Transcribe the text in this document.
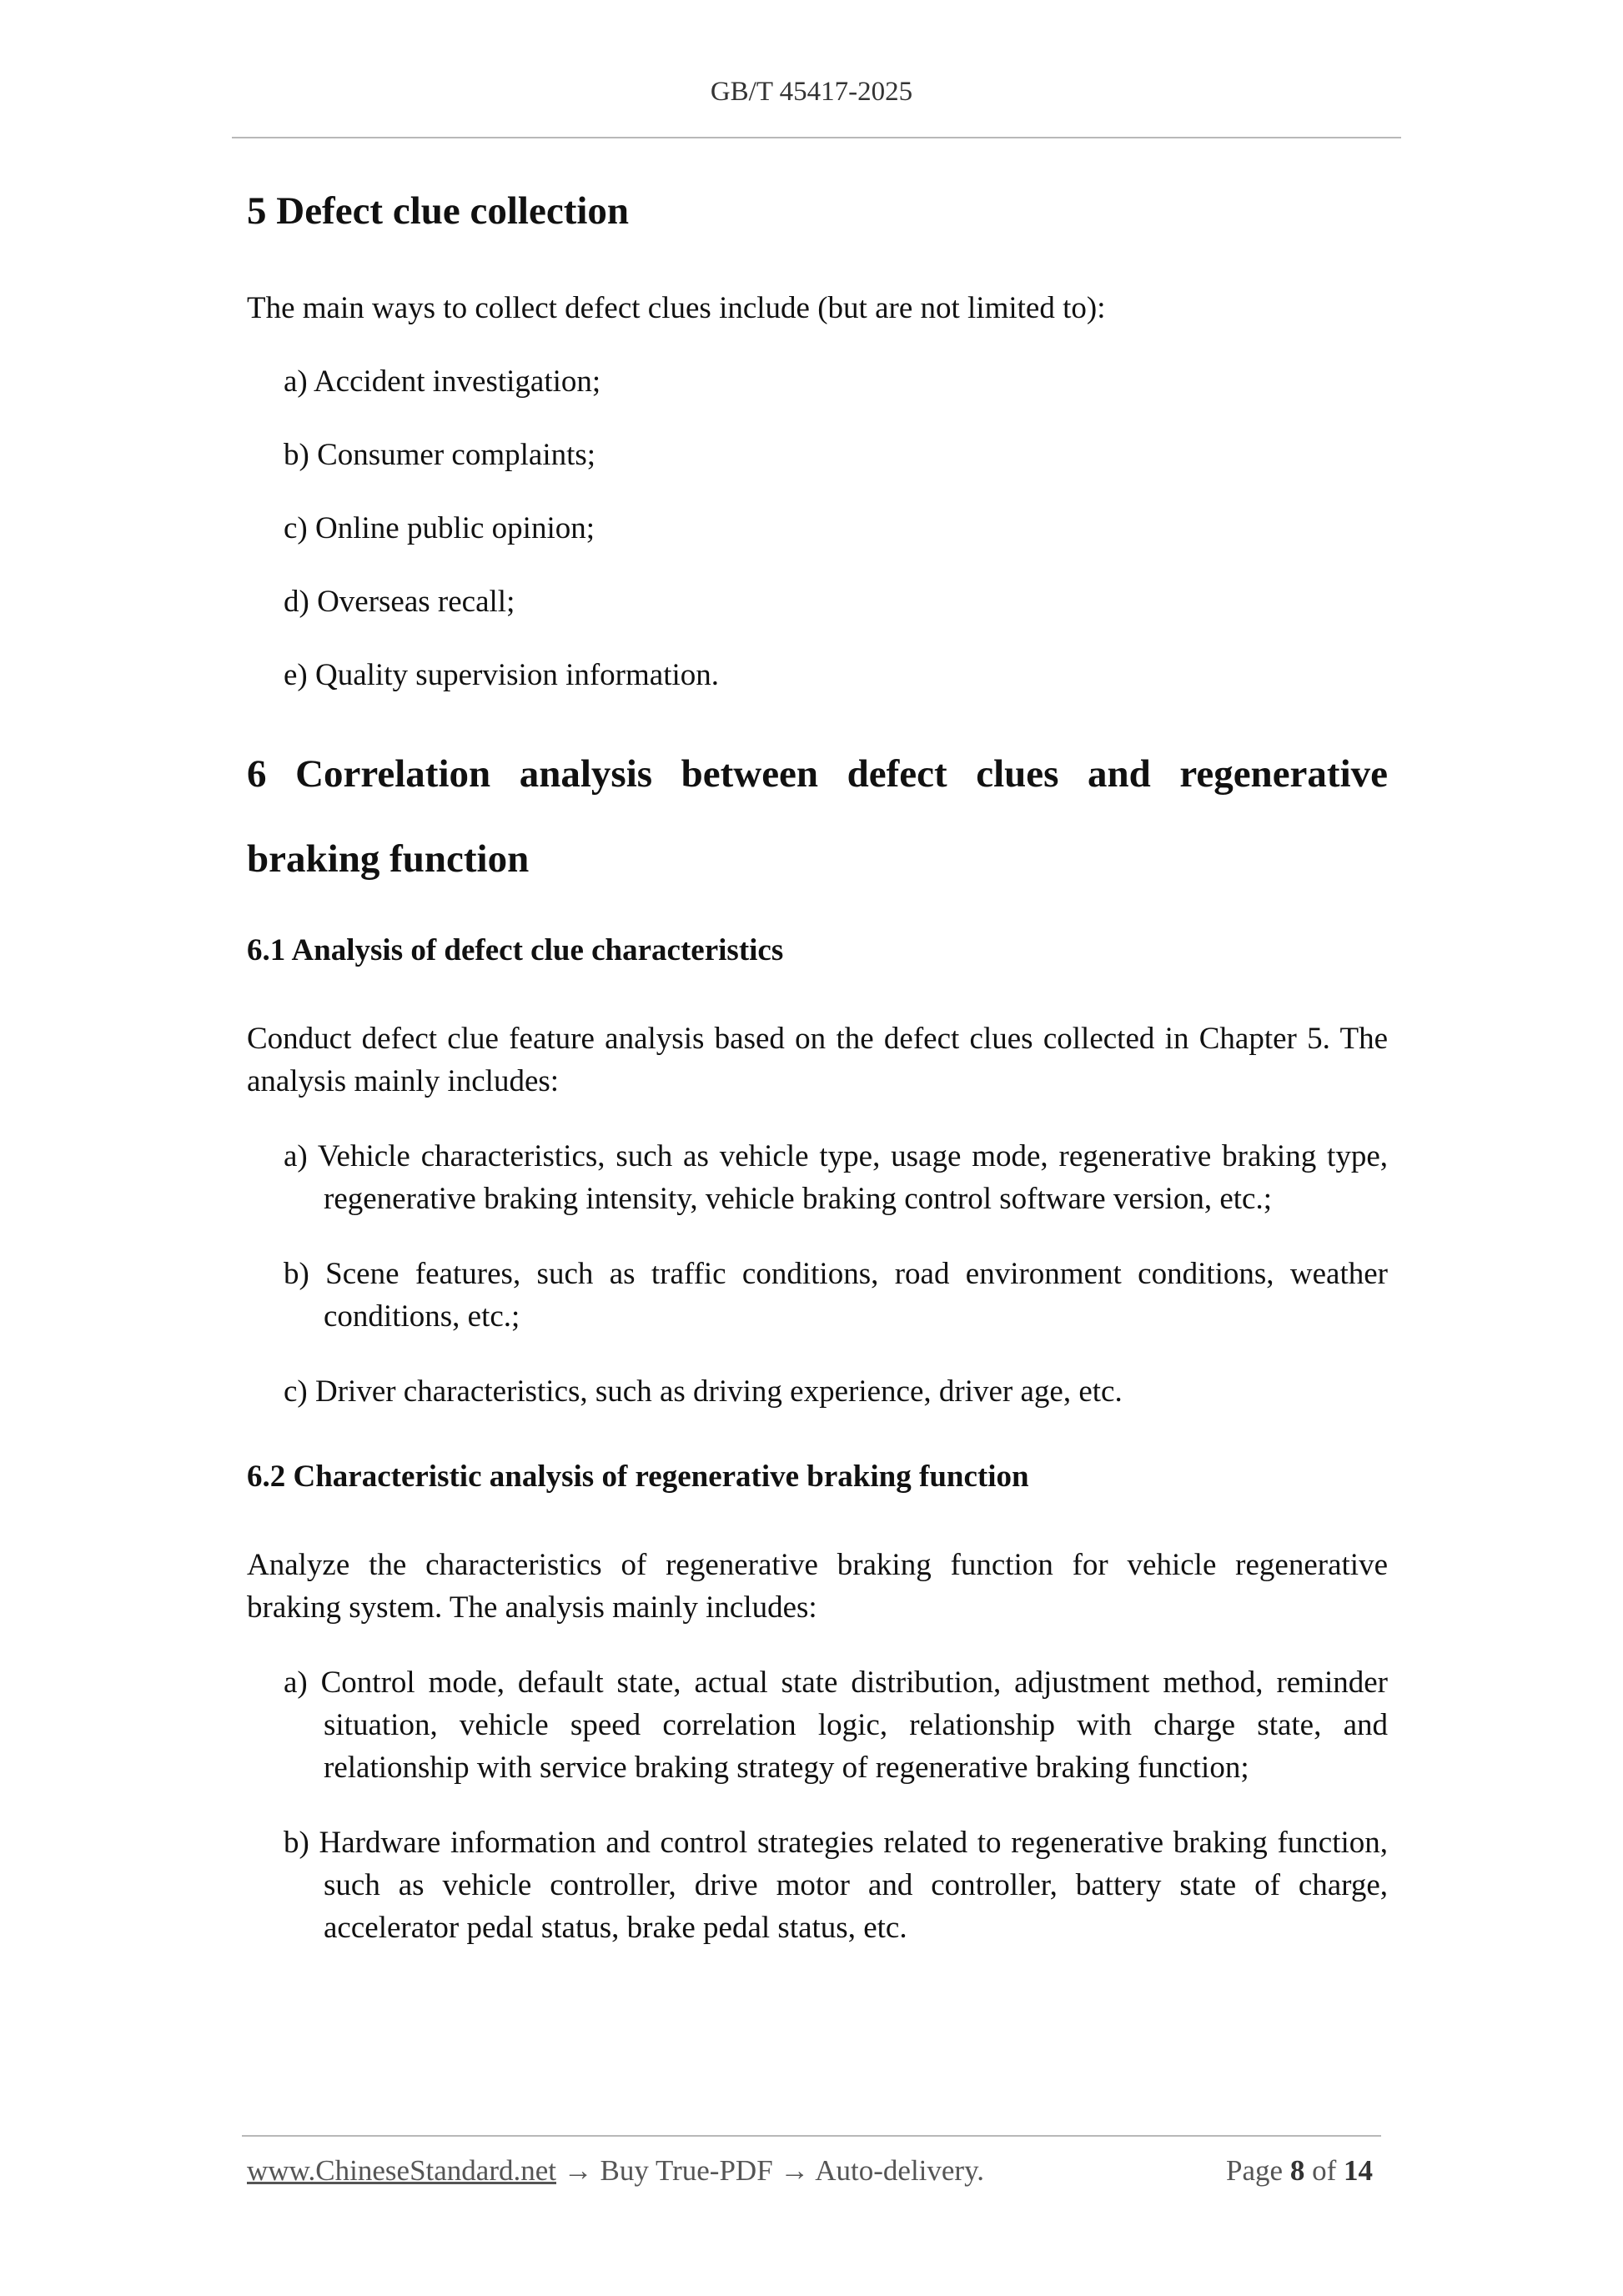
GB/T 45417-2025
5 Defect clue collection

The main ways to collect defect clues include (but are not limited to):

a) Accident investigation;

b) Consumer complaints;

c) Online public opinion;

d) Overseas recall;

e) Quality supervision information.

6 Correlation analysis between defect clues and regenerative braking function
6.1 Analysis of defect clue characteristics

Conduct defect clue feature analysis based on the defect clues collected in Chapter 5. The analysis mainly includes:

a) Vehicle characteristics, such as vehicle type, usage mode, regenerative braking type, regenerative braking intensity, vehicle braking control software version, etc.;

b) Scene features, such as traffic conditions, road environment conditions, weather conditions, etc.;

c) Driver characteristics, such as driving experience, driver age, etc.

6.2 Characteristic analysis of regenerative braking function

Analyze the characteristics of regenerative braking function for vehicle regenerative braking system. The analysis mainly includes:

a) Control mode, default state, actual state distribution, adjustment method, reminder situation, vehicle speed correlation logic, relationship with charge state, and relationship with service braking strategy of regenerative braking function;

b) Hardware information and control strategies related to regenerative braking function, such as vehicle controller, drive motor and controller, battery state of charge, accelerator pedal status, brake pedal status, etc.

www.ChineseStandard.net → Buy True-PDF → Auto-delivery.	Page 8 of 14
